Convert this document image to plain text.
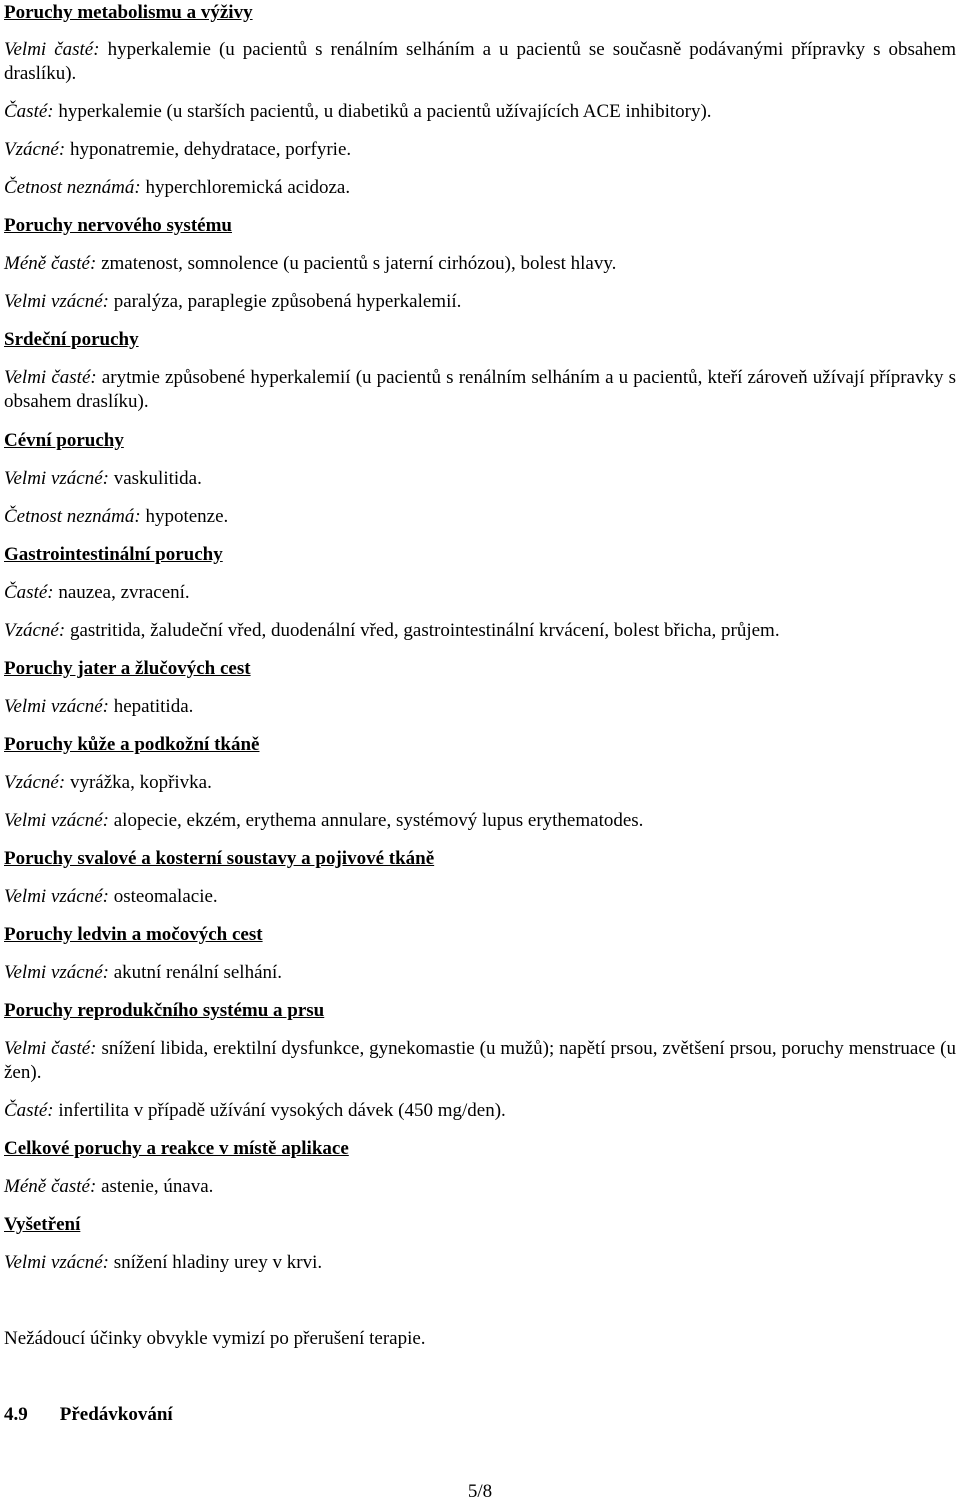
Poruchy metabolismu a výživy
Velmi časté: hyperkalemie (u pacientů s renálním selháním a u pacientů se současně podávanými přípravky s obsahem draslíku).
Časté: hyperkalemie (u starších pacientů, u diabetiků a pacientů užívajících ACE inhibitory).
Vzácné: hyponatremie, dehydratace, porfyrie.
Četnost neznámá: hyperchloremická acidoza.
Poruchy nervového systému
Méně časté: zmatenost, somnolence (u pacientů s jaterní cirhózou), bolest hlavy.
Velmi vzácné: paralýza, paraplegie způsobená hyperkalemií.
Srdeční poruchy
Velmi časté: arytmie způsobené hyperkalemií (u pacientů s renálním selháním a u pacientů, kteří zároveň užívají přípravky s obsahem draslíku).
Cévní poruchy
Velmi vzácné: vaskulitida.
Četnost neznámá: hypotenze.
Gastrointestinální poruchy
Časté: nauzea, zvracení.
Vzácné: gastritida, žaludeční vřed, duodenální vřed, gastrointestinální krvácení, bolest břicha, průjem.
Poruchy jater a žlučových cest
Velmi vzácné: hepatitida.
Poruchy kůže a podkožní tkáně
Vzácné: vyrážka, kopřivka.
Velmi vzácné: alopecie, ekzém, erythema annulare, systémový lupus erythematodes.
Poruchy svalové a kosterní soustavy a pojivové tkáně
Velmi vzácné: osteomalacie.
Poruchy ledvin a močových cest
Velmi vzácné: akutní renální selhání.
Poruchy reprodukčního systému a prsu
Velmi časté: snížení libida, erektilní dysfunkce, gynekomastie (u mužů); napětí prsou, zvětšení prsou, poruchy menstruace (u žen).
Časté: infertilita v případě užívání vysokých dávek (450 mg/den).
Celkové poruchy a reakce v místě aplikace
Méně časté: astenie, únava.
Vyšetření
Velmi vzácné: snížení hladiny urey v krvi.
Nežádoucí účinky obvykle vymizí po přerušení terapie.
4.9 Předávkování
5/8
